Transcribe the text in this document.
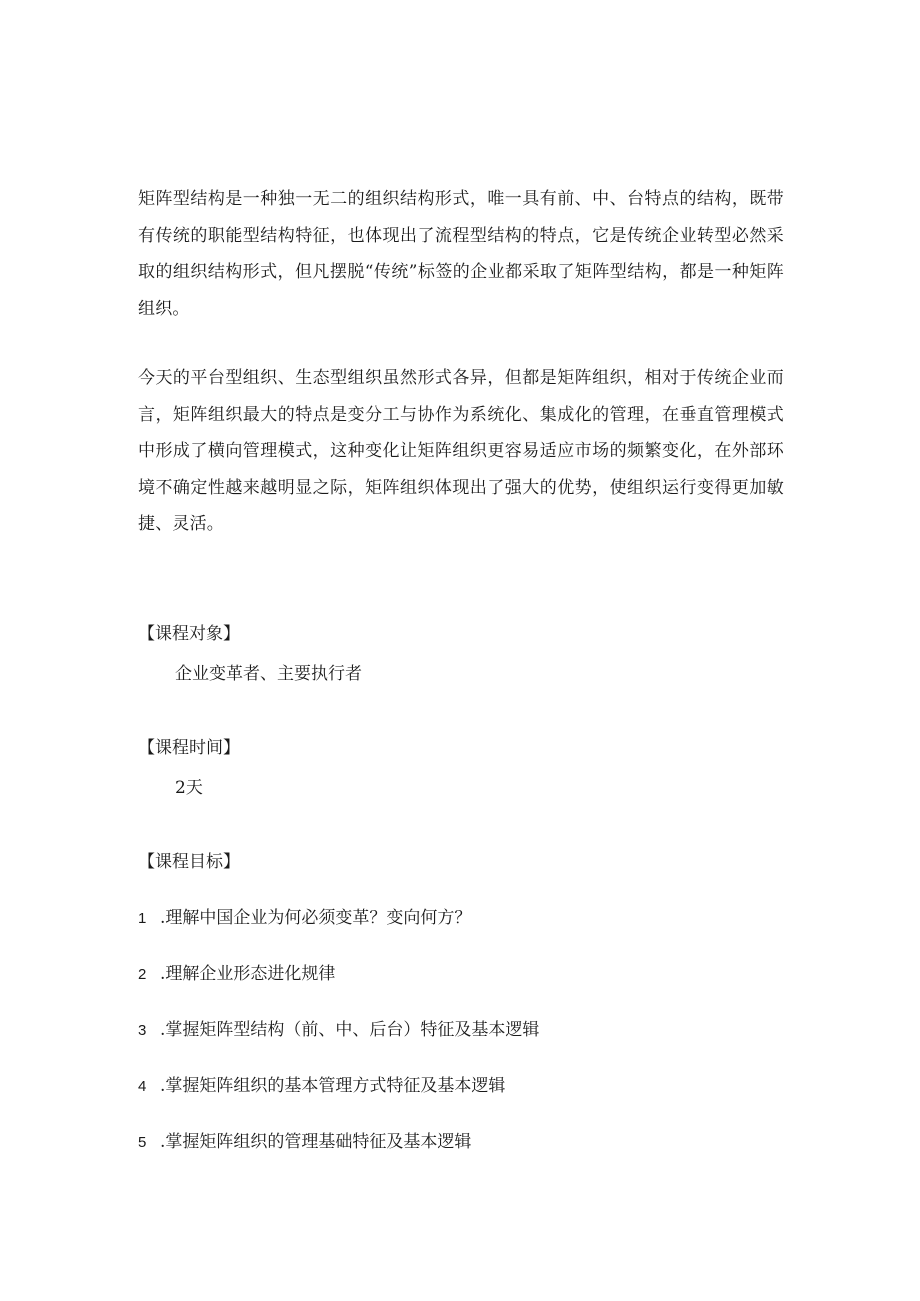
矩阵型结构是一种独一无二的组织结构形式，唯一具有前、中、台特点的结构，既带有传统的职能型结构特征，也体现出了流程型结构的特点，它是传统企业转型必然采取的组织结构形式，但凡摆脱“传统”标签的企业都采取了矩阵型结构，都是一种矩阵组织。

今天的平台型组织、生态型组织虽然形式各异，但都是矩阵组织，相对于传统企业而言，矩阵组织最大的特点是变分工与协作为系统化、集成化的管理，在垂直管理模式中形成了横向管理模式，这种变化让矩阵组织更容易适应市场的频繁变化，在外部环境不确定性越来越明显之际，矩阵组织体现出了强大的优势，使组织运行变得更加敏捷、灵活。

【课程对象】

企业变革者、主要执行者

【课程时间】

2天

【课程目标】

1 .理解中国企业为何必须变革？变向何方？

2 .理解企业形态进化规律

3 .掌握矩阵型结构（前、中、后台）特征及基本逻辑

4 .掌握矩阵组织的基本管理方式特征及基本逻辑

5 .掌握矩阵组织的管理基础特征及基本逻辑
